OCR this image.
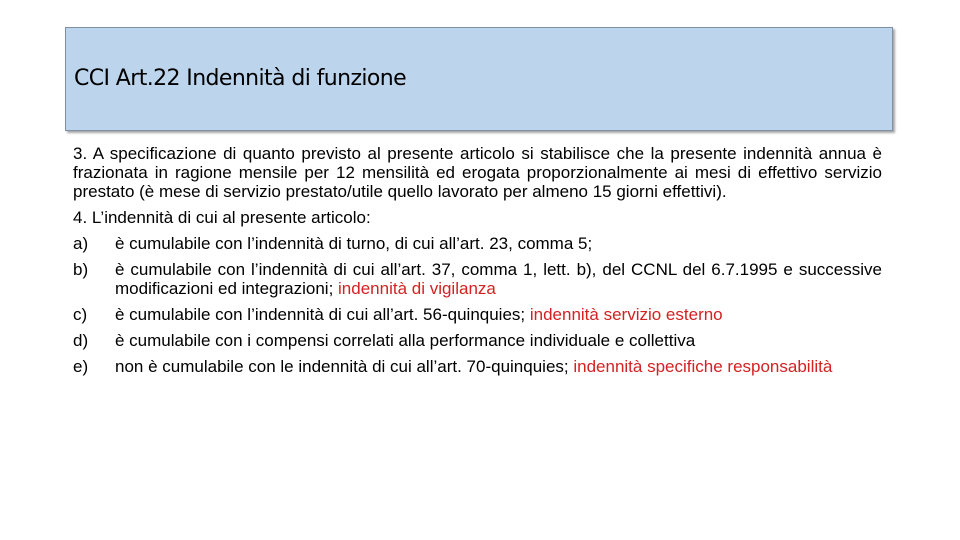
CCI Art.22 Indennità di funzione

3. A specificazione di quanto previsto al presente articolo si stabilisce che la presente indennità annua è frazionata in ragione mensile per 12 mensilità ed erogata proporzionalmente ai mesi di effettivo servizio prestato (è mese di servizio prestato/utile quello lavorato per almeno 15 giorni effettivi).

4. L’indennità di cui al presente articolo:

a)	è cumulabile con l’indennità di turno, di cui all’art. 23, comma 5;
b)	è cumulabile con l’indennità di cui all’art. 37, comma 1, lett. b), del CCNL del 6.7.1995 e successive modificazioni ed integrazioni; indennità di vigilanza
c)	è cumulabile con l’indennità di cui all’art. 56-quinquies; indennità servizio esterno
d)	è cumulabile con i compensi correlati alla performance individuale e collettiva
e)	non è cumulabile con le indennità di cui all’art. 70-quinquies; indennità specifiche responsabilità
